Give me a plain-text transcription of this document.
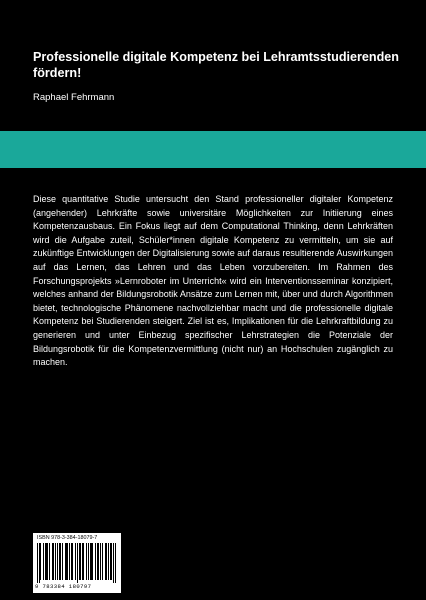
Professionelle digitale Kompetenz bei Lehramtsstudierenden fördern!
Raphael Fehrmann

Diese quantitative Studie untersucht den Stand professioneller digitaler Kompetenz (angehender) Lehrkräfte sowie universitäre Möglichkeiten zur Initiierung eines Kompetenzausbaus. Ein Fokus liegt auf dem Computational Thinking, denn Lehrkräften wird die Aufgabe zuteil, Schüler*innen digitale Kompetenz zu vermitteln, um sie auf zukünftige Entwicklungen der Digitalisierung sowie auf daraus resultierende Auswirkungen auf das Lernen, das Lehren und das Leben vorzubereiten. Im Rahmen des Forschungsprojekts »Lernroboter im Unterricht« wird ein Interventionsseminar konzipiert, welches anhand der Bildungsrobotik Ansätze zum Lernen mit, über und durch Algorithmen bietet, technologische Phänomene nachvollziehbar macht und die professionelle digitale Kompetenz bei Studierenden steigert. Ziel ist es, Implikationen für die Lehrkraftbildung zu generieren und unter Einbezug spezifischer Lehrstrategien die Potenziale der Bildungsrobotik für die Kompetenzvermittlung (nicht nur) an Hochschulen zugänglich zu machen.

ISBN 978-3-384-18079-7
9 783384 180797
